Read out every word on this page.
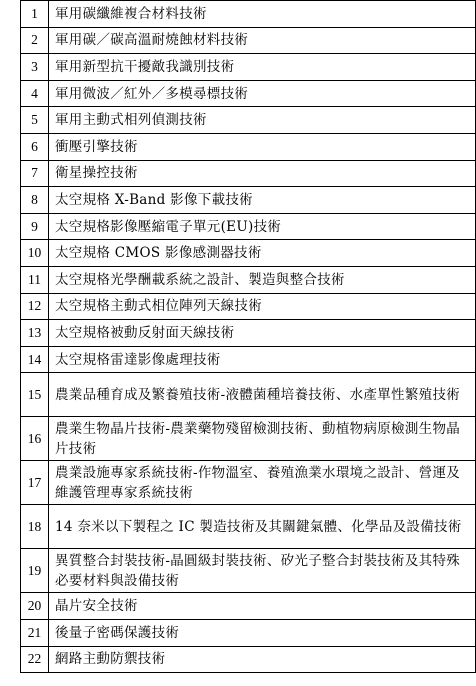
1	軍用碳纖維複合材料技術
2	軍用碳／碳高溫耐燒蝕材料技術
3	軍用新型抗干擾敵我識別技術
4	軍用微波／紅外／多模尋標技術
5	軍用主動式相列偵測技術
6	衝壓引擎技術
7	衛星操控技術
8	太空規格 X-Band 影像下載技術
9	太空規格影像壓縮電子單元(EU)技術
10	太空規格 CMOS 影像感測器技術
11	太空規格光學酬載系統之設計、製造與整合技術
12	太空規格主動式相位陣列天線技術
13	太空規格被動反射面天線技術
14	太空規格雷達影像處理技術
15	農業品種育成及繁養殖技術-液體菌種培養技術、水產單性繁殖技術
16	農業生物晶片技術-農業藥物殘留檢測技術、動植物病原檢測生物晶片技術
17	農業設施專家系統技術-作物溫室、養殖漁業水環境之設計、營運及維護管理專家系統技術
18	14 奈米以下製程之 IC 製造技術及其關鍵氣體、化學品及設備技術
19	異質整合封裝技術-晶圓級封裝技術、矽光子整合封裝技術及其特殊必要材料與設備技術
20	晶片安全技術
21	後量子密碼保護技術
22	網路主動防禦技術
